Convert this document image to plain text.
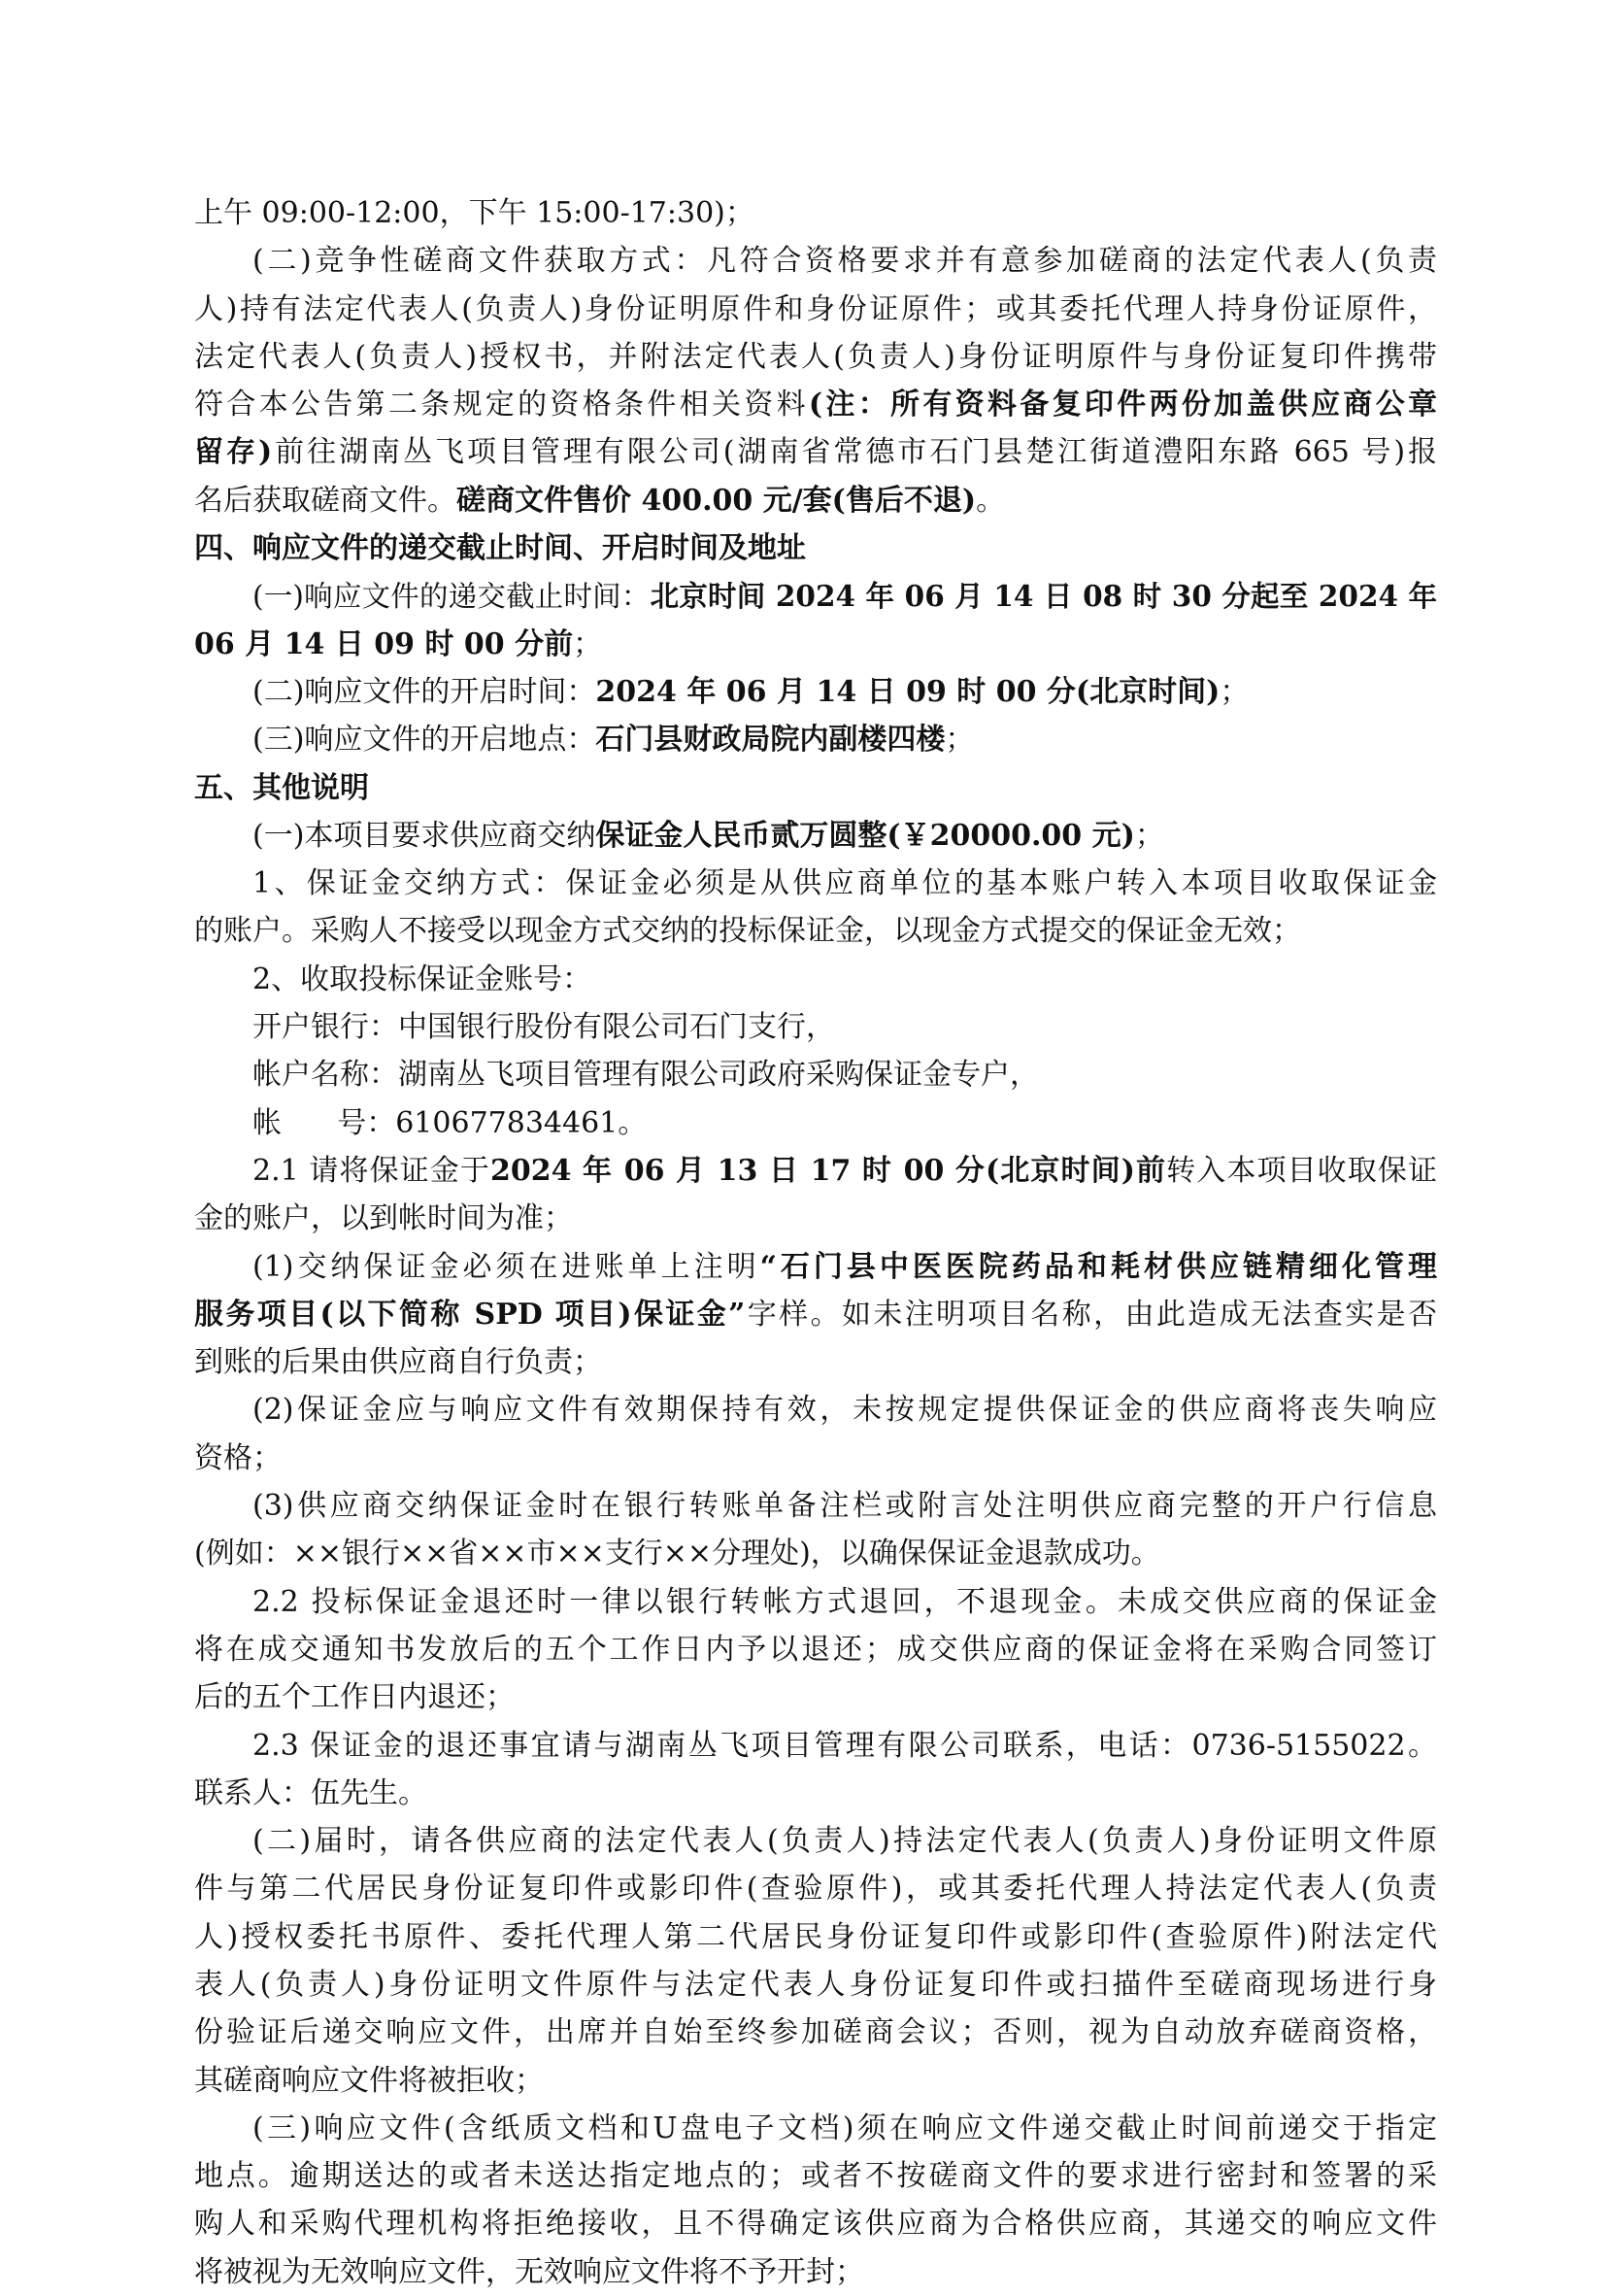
上午 09:00-12:00，下午 15:00-17:30)；
(二)竞争性磋商文件获取方式：凡符合资格要求并有意参加磋商的法定代表人(负责
人)持有法定代表人(负责人)身份证明原件和身份证原件；或其委托代理人持身份证原件，
法定代表人(负责人)授权书，并附法定代表人(负责人)身份证明原件与身份证复印件携带
符合本公告第二条规定的资格条件相关资料(注：所有资料备复印件两份加盖供应商公章
留存)前往湖南丛飞项目管理有限公司(湖南省常德市石门县楚江街道澧阳东路 665 号)报
名后获取磋商文件。磋商文件售价 400.00 元/套(售后不退)。
四、响应文件的递交截止时间、开启时间及地址
(一)响应文件的递交截止时间：北京时间 2024 年 06 月 14 日 08 时 30 分起至 2024 年
06 月 14 日 09 时 00 分前；
(二)响应文件的开启时间：2024 年 06 月 14 日 09 时 00 分(北京时间)；
(三)响应文件的开启地点：石门县财政局院内副楼四楼；
五、其他说明
(一)本项目要求供应商交纳保证金人民币贰万圆整(￥20000.00 元)；
1、保证金交纳方式：保证金必须是从供应商单位的基本账户转入本项目收取保证金
的账户。采购人不接受以现金方式交纳的投标保证金，以现金方式提交的保证金无效；
2、收取投标保证金账号：
开户银行：中国银行股份有限公司石门支行，
帐户名称：湖南丛飞项目管理有限公司政府采购保证金专户，
帐      号：610677834461。
2.1 请将保证金于2024 年 06 月 13 日 17 时 00 分(北京时间)前转入本项目收取保证
金的账户，以到帐时间为准；
(1)交纳保证金必须在进账单上注明“石门县中医医院药品和耗材供应链精细化管理
服务项目(以下简称 SPD 项目)保证金”字样。如未注明项目名称，由此造成无法查实是否
到账的后果由供应商自行负责；
(2)保证金应与响应文件有效期保持有效，未按规定提供保证金的供应商将丧失响应
资格；
(3)供应商交纳保证金时在银行转账单备注栏或附言处注明供应商完整的开户行信息
(例如：××银行××省××市××支行××分理处)，以确保保证金退款成功。
2.2 投标保证金退还时一律以银行转帐方式退回，不退现金。未成交供应商的保证金
将在成交通知书发放后的五个工作日内予以退还；成交供应商的保证金将在采购合同签订
后的五个工作日内退还；
2.3 保证金的退还事宜请与湖南丛飞项目管理有限公司联系，电话：0736-5155022。
联系人：伍先生。
(二)届时，请各供应商的法定代表人(负责人)持法定代表人(负责人)身份证明文件原
件与第二代居民身份证复印件或影印件(查验原件)，或其委托代理人持法定代表人(负责
人)授权委托书原件、委托代理人第二代居民身份证复印件或影印件(查验原件)附法定代
表人(负责人)身份证明文件原件与法定代表人身份证复印件或扫描件至磋商现场进行身
份验证后递交响应文件，出席并自始至终参加磋商会议；否则，视为自动放弃磋商资格，
其磋商响应文件将被拒收；
(三)响应文件(含纸质文档和U盘电子文档)须在响应文件递交截止时间前递交于指定
地点。逾期送达的或者未送达指定地点的；或者不按磋商文件的要求进行密封和签署的采
购人和采购代理机构将拒绝接收，且不得确定该供应商为合格供应商，其递交的响应文件
将被视为无效响应文件，无效响应文件将不予开封；
